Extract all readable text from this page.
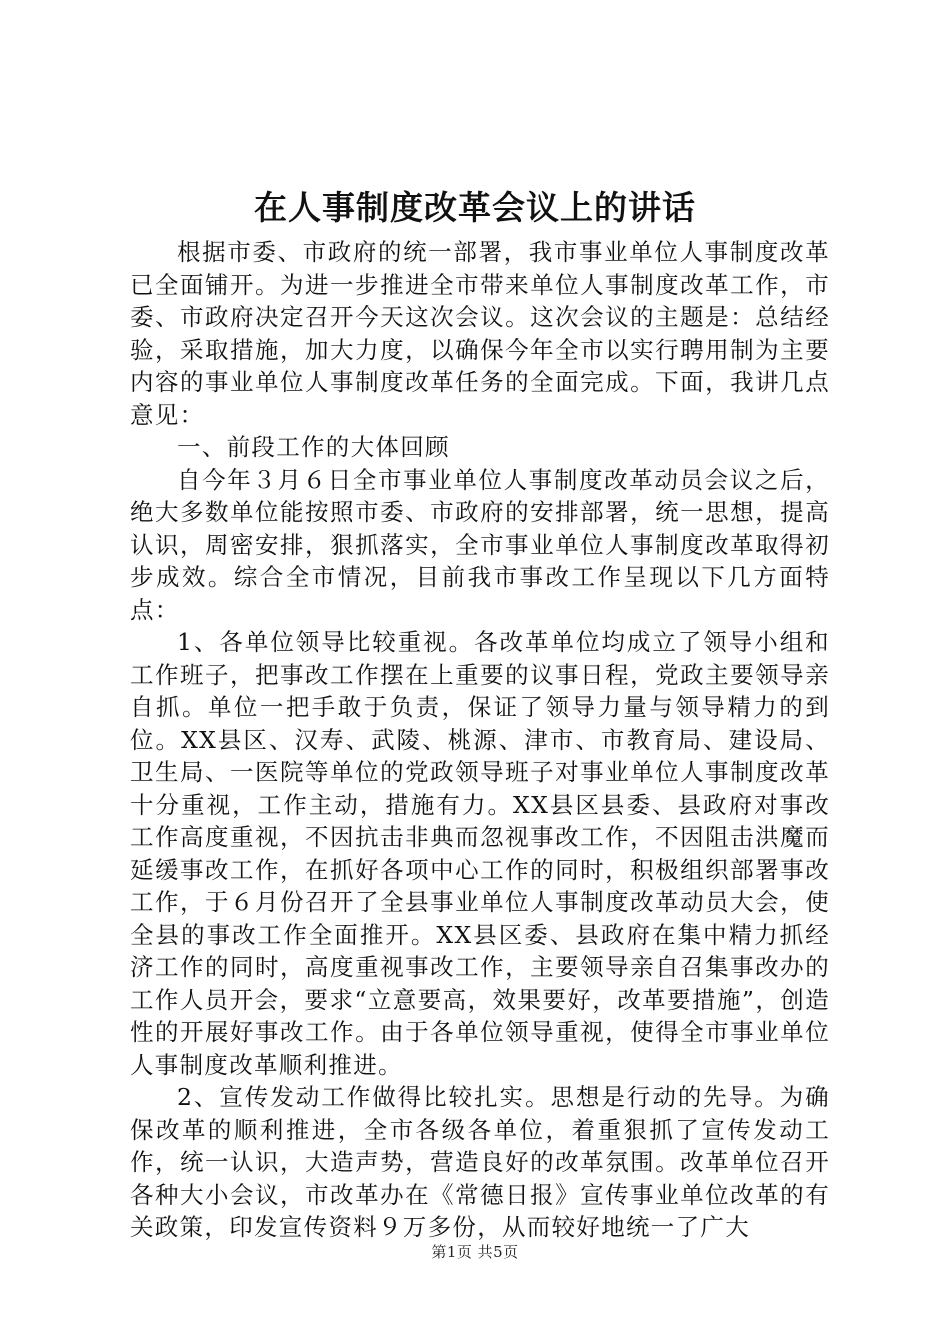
在人事制度改革会议上的讲话

根据市委、市政府的统一部署，我市事业单位人事制度改革已全面铺开。为进一步推进全市带来单位人事制度改革工作，市委、市政府决定召开今天这次会议。这次会议的主题是：总结经验，采取措施，加大力度，以确保今年全市以实行聘用制为主要内容的事业单位人事制度改革任务的全面完成。下面，我讲几点意见：

一、前段工作的大体回顾

自今年３月６日全市事业单位人事制度改革动员会议之后，绝大多数单位能按照市委、市政府的安排部署，统一思想，提高认识，周密安排，狠抓落实，全市事业单位人事制度改革取得初步成效。综合全市情况，目前我市事改工作呈现以下几方面特点：

1、各单位领导比较重视。各改革单位均成立了领导小组和工作班子，把事改工作摆在上重要的议事日程，党政主要领导亲自抓。单位一把手敢于负责，保证了领导力量与领导精力的到位。XX县区、汉寿、武陵、桃源、津市、市教育局、建设局、卫生局、一医院等单位的党政领导班子对事业单位人事制度改革十分重视，工作主动，措施有力。XX县区县委、县政府对事改工作高度重视，不因抗击非典而忽视事改工作，不因阻击洪魔而延缓事改工作，在抓好各项中心工作的同时，积极组织部署事改工作，于６月份召开了全县事业单位人事制度改革动员大会，使全县的事改工作全面推开。XX县区委、县政府在集中精力抓经济工作的同时，高度重视事改工作，主要领导亲自召集事改办的工作人员开会，要求“立意要高，效果要好，改革要措施”，创造性的开展好事改工作。由于各单位领导重视，使得全市事业单位人事制度改革顺利推进。

2、宣传发动工作做得比较扎实。思想是行动的先导。为确保改革的顺利推进，全市各级各单位，着重狠抓了宣传发动工作，统一认识，大造声势，营造良好的改革氛围。改革单位召开各种大小会议，市改革办在《常德日报》宣传事业单位改革的有关政策，印发宣传资料９万多份，从而较好地统一了广大

第1页 共5页
